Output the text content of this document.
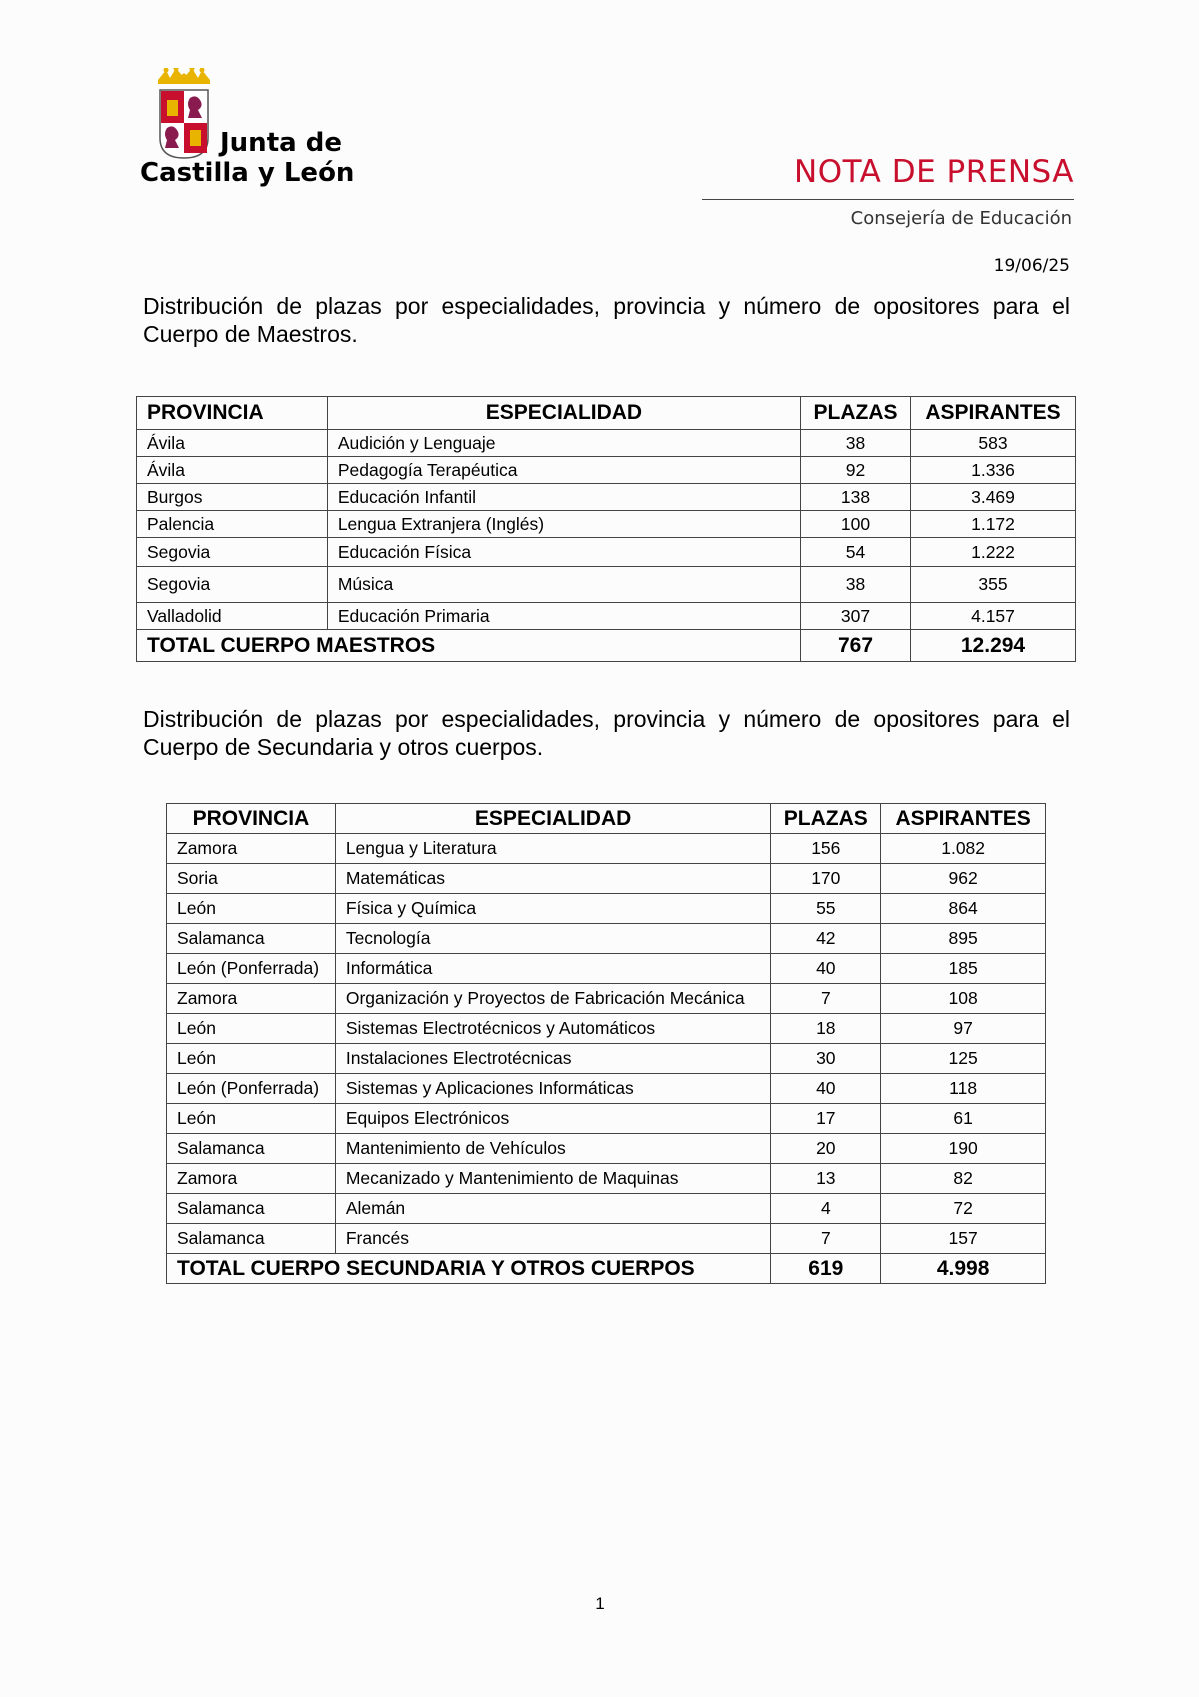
Junta de
Castilla y León	NOTA DE PRENSA
Consejería de Educación
19/06/25

Distribución de plazas por especialidades, provincia y número de opositores para el Cuerpo de Maestros.

PROVINCIA	ESPECIALIDAD	PLAZAS	ASPIRANTES
Ávila	Audición y Lenguaje	38	583
Ávila	Pedagogía Terapéutica	92	1.336
Burgos	Educación Infantil	138	3.469
Palencia	Lengua Extranjera (Inglés)	100	1.172
Segovia	Educación Física	54	1.222
Segovia	Música	38	355
Valladolid	Educación Primaria	307	4.157
TOTAL CUERPO MAESTROS		767	12.294

Distribución de plazas por especialidades, provincia y número de opositores para el Cuerpo de Secundaria y otros cuerpos.

PROVINCIA	ESPECIALIDAD	PLAZAS	ASPIRANTES
Zamora	Lengua y Literatura	156	1.082
Soria	Matemáticas	170	962
León	Física y Química	55	864
Salamanca	Tecnología	42	895
León (Ponferrada)	Informática	40	185
Zamora	Organización y Proyectos de Fabricación Mecánica	7	108
León	Sistemas Electrotécnicos y Automáticos	18	97
León	Instalaciones Electrotécnicas	30	125
León (Ponferrada)	Sistemas y Aplicaciones Informáticas	40	118
León	Equipos Electrónicos	17	61
Salamanca	Mantenimiento de Vehículos	20	190
Zamora	Mecanizado y Mantenimiento de Maquinas	13	82
Salamanca	Alemán	4	72
Salamanca	Francés	7	157
TOTAL CUERPO SECUNDARIA Y OTROS CUERPOS		619	4.998
1
